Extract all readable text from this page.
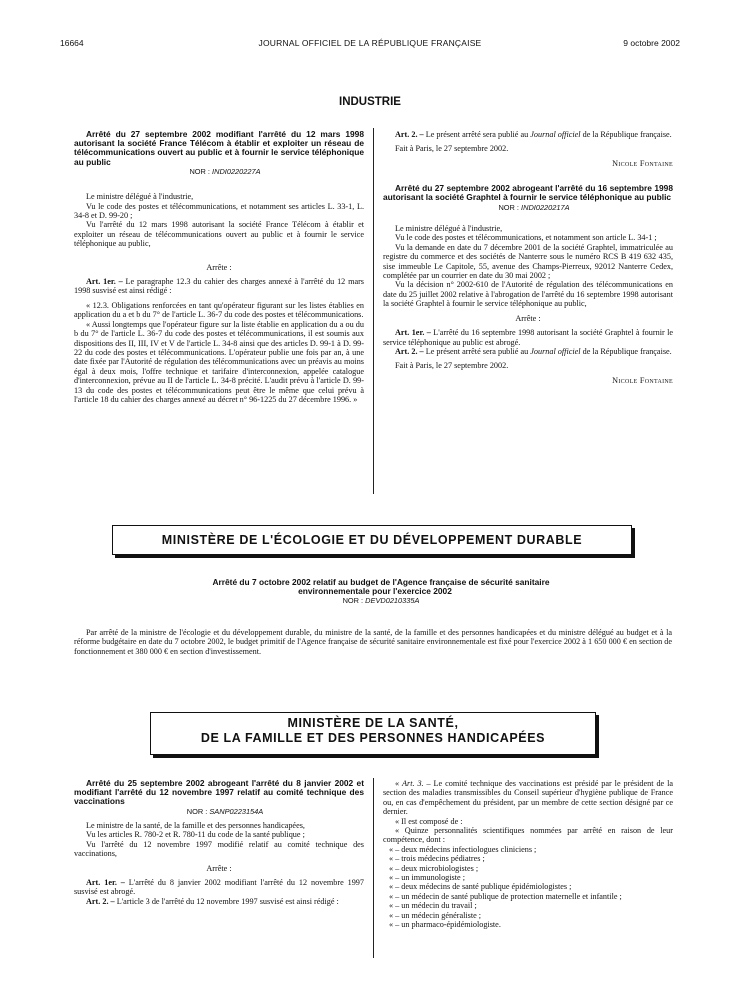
16664	JOURNAL OFFICIEL DE LA RÉPUBLIQUE FRANÇAISE	9 octobre 2002
INDUSTRIE

Arrêté du 27 septembre 2002 modifiant l'arrêté du 12 mars 1998 autorisant la société France Télécom à établir et exploiter un réseau de télécommunications ouvert au public et à fournir le service téléphonique au public

NOR : INDI0220227A

Le ministre délégué à l'industrie,

Vu le code des postes et télécommunications, et notamment ses articles L. 33-1, L. 34-8 et D. 99-20 ;

Vu l'arrêté du 12 mars 1998 autorisant la société France Télécom à établir et exploiter un réseau de télécommunications ouvert au public et à fournir le service téléphonique au public,

Arrête :

Art. 1er. – Le paragraphe 12.3 du cahier des charges annexé à l'arrêté du 12 mars 1998 susvisé est ainsi rédigé :

« 12.3. Obligations renforcées en tant qu'opérateur figurant sur les listes établies en application du a et b du 7° de l'article L. 36-7 du code des postes et télécommunications.

« Aussi longtemps que l'opérateur figure sur la liste établie en application du a ou du b du 7° de l'article L. 36-7 du code des postes et télécommunications, il est soumis aux dispositions des II, III, IV et V de l'article L. 34-8 ainsi que des articles D. 99-1 à D. 99-22 du code des postes et télécommunications. L'opérateur publie une fois par an, à une date fixée par l'Autorité de régulation des télécommunications avec un préavis au moins égal à deux mois, l'offre technique et tarifaire d'interconnexion, appelée catalogue d'interconnexion, prévue au II de l'article L. 34-8 précité. L'audit prévu à l'article D. 99-13 du code des postes et télécommunications peut être le même que celui prévu à l'article 18 du cahier des charges annexé au décret n° 96-1225 du 27 décembre 1996. »

Art. 2. – Le présent arrêté sera publié au Journal officiel de la République française.

Fait à Paris, le 27 septembre 2002.

Nicole Fontaine

Arrêté du 27 septembre 2002 abrogeant l'arrêté du 16 septembre 1998 autorisant la société Graphtel à fournir le service téléphonique au public

NOR : INDI0220217A

Le ministre délégué à l'industrie,

Vu le code des postes et télécommunications, et notamment son article L. 34-1 ;

Vu la demande en date du 7 décembre 2001 de la société Graphtel, immatriculée au registre du commerce et des sociétés de Nanterre sous le numéro RCS B 419 632 435, sise immeuble Le Capitole, 55, avenue des Champs-Pierreux, 92012 Nanterre Cedex, complétée par un courrier en date du 30 mai 2002 ;

Vu la décision n° 2002-610 de l'Autorité de régulation des télécommunications en date du 25 juillet 2002 relative à l'abrogation de l'arrêté du 16 septembre 1998 autorisant la société Graphtel à fournir le service téléphonique au public,

Arrête :

Art. 1er. – L'arrêté du 16 septembre 1998 autorisant la société Graphtel à fournir le service téléphonique au public est abrogé.

Art. 2. – Le présent arrêté sera publié au Journal officiel de la République française.

Fait à Paris, le 27 septembre 2002.

Nicole Fontaine

MINISTÈRE DE L'ÉCOLOGIE ET DU DÉVELOPPEMENT DURABLE

Arrêté du 7 octobre 2002 relatif au budget de l'Agence française de sécurité sanitaire environnementale pour l'exercice 2002

NOR : DEVD0210335A

Par arrêté de la ministre de l'écologie et du développement durable, du ministre de la santé, de la famille et des personnes handicapées et du ministre délégué au budget et à la réforme budgétaire en date du 7 octobre 2002, le budget primitif de l'Agence française de sécurité sanitaire environnementale est fixé pour l'exercice 2002 à 1 650 000 € en section de fonctionnement et 380 000 € en section d'investissement.

MINISTÈRE DE LA SANTÉ,
DE LA FAMILLE ET DES PERSONNES HANDICAPÉES

Arrêté du 25 septembre 2002 abrogeant l'arrêté du 8 janvier 2002 et modifiant l'arrêté du 12 novembre 1997 relatif au comité technique des vaccinations

NOR : SANP0223154A

Le ministre de la santé, de la famille et des personnes handicapées,

Vu les articles R. 780-2 et R. 780-11 du code de la santé publique ;

Vu l'arrêté du 12 novembre 1997 modifié relatif au comité technique des vaccinations,

Arrête :

Art. 1er. – L'arrêté du 8 janvier 2002 modifiant l'arrêté du 12 novembre 1997 susvisé est abrogé.

Art. 2. – L'article 3 de l'arrêté du 12 novembre 1997 susvisé est ainsi rédigé :

« Art. 3. – Le comité technique des vaccinations est présidé par le président de la section des maladies transmissibles du Conseil supérieur d'hygiène publique de France ou, en cas d'empêchement du président, par un membre de cette section désigné par ce dernier.

« Il est composé de :

« Quinze personnalités scientifiques nommées par arrêté en raison de leur compétence, dont :

« – deux médecins infectiologues cliniciens ;

« – trois médecins pédiatres ;

« – deux microbiologistes ;

« – un immunologiste ;

« – deux médecins de santé publique épidémiologistes ;

« – un médecin de santé publique de protection maternelle et infantile ;

« – un médecin du travail ;

« – un médecin généraliste ;

« – un pharmaco-épidémiologiste.
